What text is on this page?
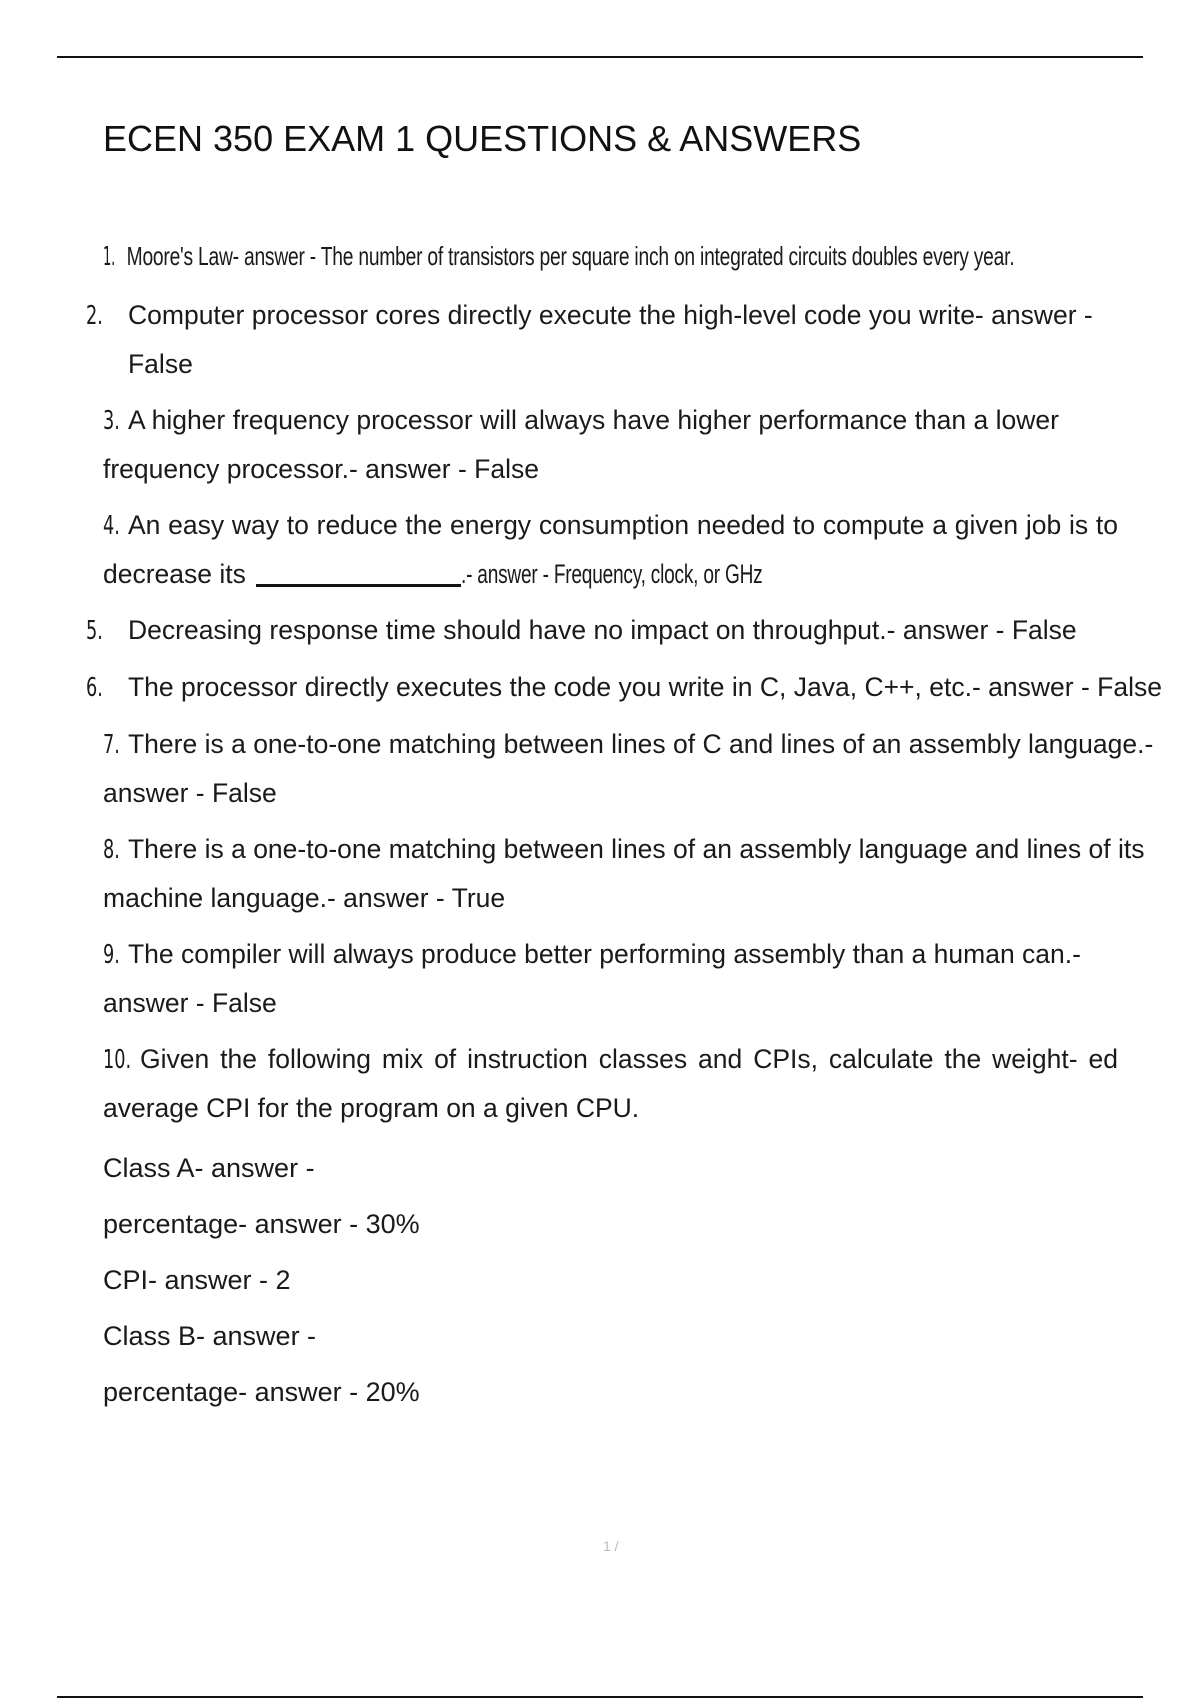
ECEN 350 EXAM 1 QUESTIONS & ANSWERS
1. Moore's Law- answer - The number of transistors per square inch on integrated circuits doubles every year.
2. Computer processor cores directly execute the high-level code you write- answer - False
3. A higher frequency processor will always have higher performance than a lower frequency processor.- answer - False
4. An easy way to reduce the energy consumption needed to compute a given job is to decrease its	.- answer - Frequency, clock, or GHz
5. Decreasing response time should have no impact on throughput.- answer - False
6. The processor directly executes the code you write in C, Java, C++, etc.- answer - False
7. There is a one-to-one matching between lines of C and lines of an assembly language.- answer - False
8. There is a one-to-one matching between lines of an assembly language and lines of its machine language.- answer - True
9. The compiler will always produce better performing assembly than a human can.- answer - False
10. Given the following mix of instruction classes and CPIs, calculate the weight- ed average CPI for the program on a given CPU.
Class A- answer -
percentage- answer - 30%
CPI- answer - 2
Class B- answer -
percentage- answer - 20%
1 /
